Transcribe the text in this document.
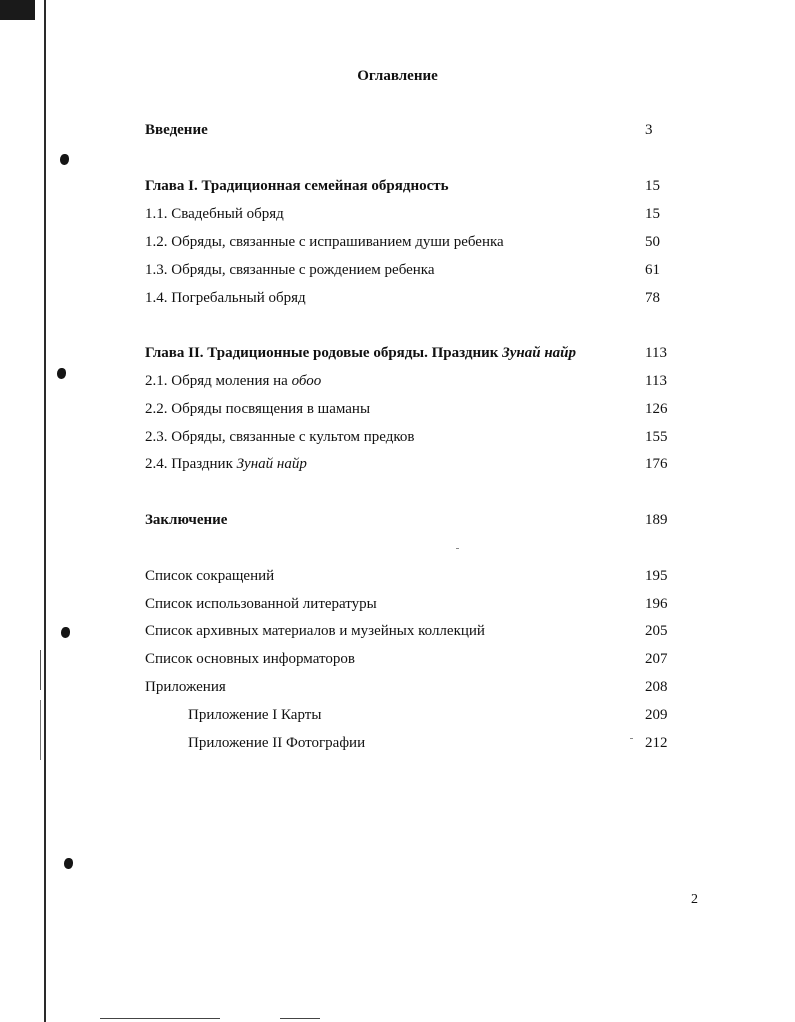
Оглавление
Введение	3
Глава I. Традиционная семейная обрядность	15
1.1. Свадебный обряд	15
1.2. Обряды, связанные с испрашиванием души ребенка	50
1.3. Обряды, связанные с рождением ребенка	61
1.4. Погребальный обряд	78
Глава II. Традиционные родовые обряды. Праздник Зунай найр	113
2.1. Обряд моления на обоо	113
2.2. Обряды посвящения в шаманы	126
2.3. Обряды, связанные с культом предков	155
2.4. Праздник Зунай найр	176
Заключение	189
Список сокращений	195
Список использованной литературы	196
Список архивных материалов и музейных коллекций	205
Список основных информаторов	207
Приложения	208
Приложение I Карты	209
Приложение II Фотографии	212
2
